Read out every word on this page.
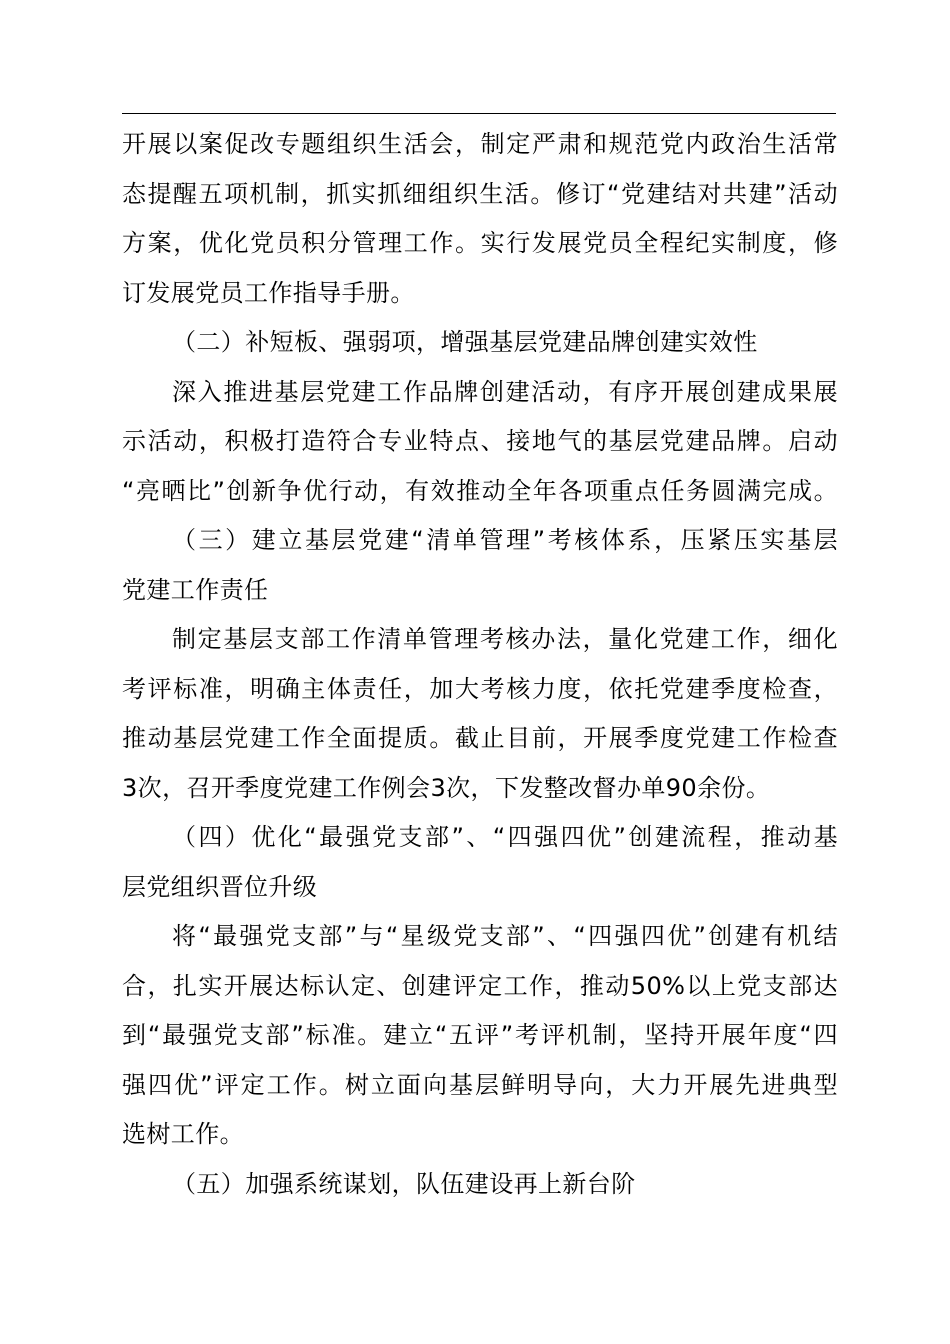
开展以案促改专题组织生活会，制定严肃和规范党内政治生活常
态提醒五项机制，抓实抓细组织生活。修订“党建结对共建”活动
方案，优化党员积分管理工作。实行发展党员全程纪实制度，修
订发展党员工作指导手册。
（二）补短板、强弱项，增强基层党建品牌创建实效性
深入推进基层党建工作品牌创建活动，有序开展创建成果展
示活动，积极打造符合专业特点、接地气的基层党建品牌。启动
“亮晒比”创新争优行动，有效推动全年各项重点任务圆满完成。
（三）建立基层党建“清单管理”考核体系，压紧压实基层
党建工作责任
制定基层支部工作清单管理考核办法，量化党建工作，细化
考评标准，明确主体责任，加大考核力度，依托党建季度检查，
推动基层党建工作全面提质。截止目前，开展季度党建工作检查
3次，召开季度党建工作例会3次，下发整改督办单90余份。
（四）优化“最强党支部”、“四强四优”创建流程，推动基
层党组织晋位升级
将“最强党支部”与“星级党支部”、“四强四优”创建有机结
合，扎实开展达标认定、创建评定工作，推动50%以上党支部达
到“最强党支部”标准。建立“五评”考评机制，坚持开展年度“四
强四优”评定工作。树立面向基层鲜明导向，大力开展先进典型
选树工作。
（五）加强系统谋划，队伍建设再上新台阶
